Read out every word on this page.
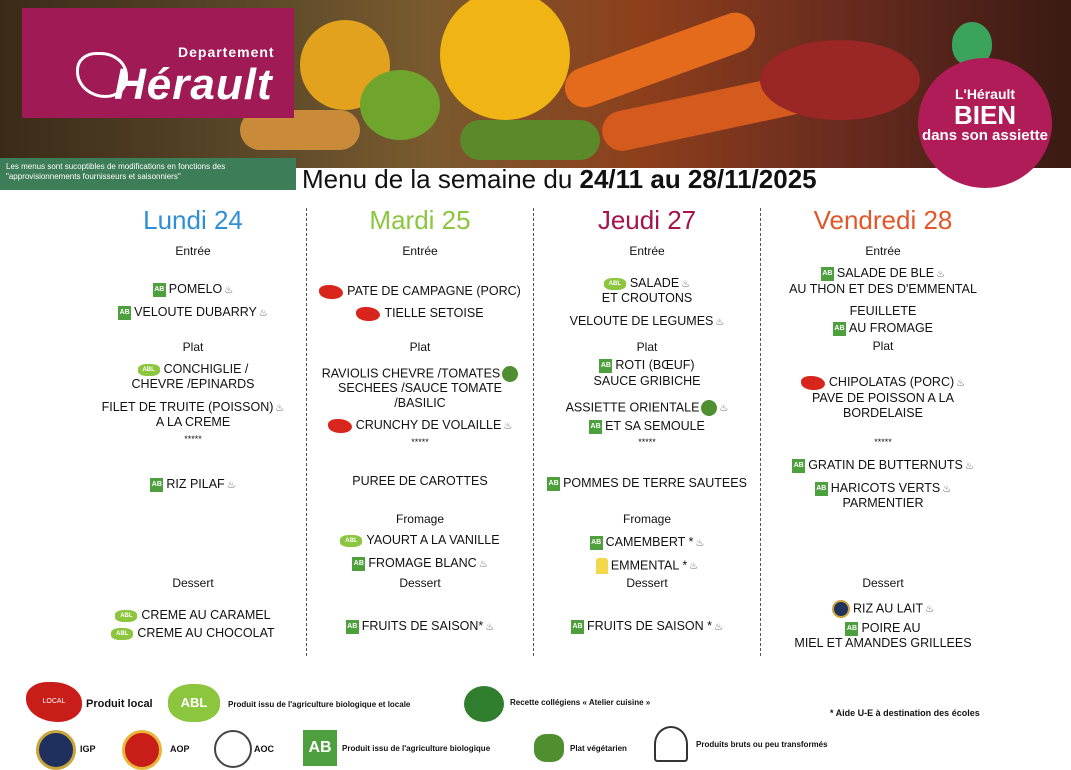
Departement
Hérault
Les menus sont sucoptibles de modifications en fonctions des "approvisionnements fournisseurs et saisonniers"
L'Hérault
BIEN
dans son assiette
Menu de la semaine du 24/11 au 28/11/2025
Lundi 24
Entrée
AB POMELO ♨
AB VELOUTE DUBARRY ♨
Plat
ABL CONCHIGLIE /
CHEVRE /EPINARDS
FILET DE TRUITE (POISSON) ♨
A LA CREME
*****
AB RIZ PILAF ♨
Dessert
ABL CREME AU CARAMEL
ABL CREME AU CHOCOLAT
Mardi 25
Entrée
PATE DE CAMPAGNE (PORC)
TIELLE SETOISE
Plat
RAVIOLIS CHEVRE /TOMATES
SECHEES /SAUCE TOMATE
/BASILIC
CRUNCHY DE VOLAILLE ♨
*****
PUREE DE CAROTTES
Fromage
ABL YAOURT A LA VANILLE
AB FROMAGE BLANC ♨
Dessert
AB FRUITS DE SAISON* ♨
Jeudi 27
Entrée
ABL SALADE ♨
ET CROUTONS
VELOUTE DE LEGUMES ♨
Plat
AB ROTI (BŒUF)
SAUCE GRIBICHE
ASSIETTE ORIENTALE ♨
AB ET SA SEMOULE
*****
AB POMMES DE TERRE SAUTEES
Fromage
AB CAMEMBERT * ♨
EMMENTAL * ♨
Dessert
AB FRUITS DE SAISON * ♨
Vendredi 28
Entrée
AB SALADE DE BLE ♨
AU THON ET DES D'EMMENTAL
FEUILLETE
AB AU FROMAGE
Plat
CHIPOLATAS (PORC) ♨
PAVE DE POISSON A LA
BORDELAISE
*****
AB GRATIN DE BUTTERNUTS ♨
AB HARICOTS VERTS ♨
PARMENTIER
Dessert
RIZ AU LAIT ♨
AB POIRE AU
MIEL ET AMANDES GRILLEES
LOCAL	Produit local	ABL	Produit issu de l'agriculture biologique et locale	Recette collégiens « Atelier cuisine »
* Aide U-E à destination des écoles
IGP	AOP	AOC	AB	Produit issu de l'agriculture biologique	Plat végétarien	Produits bruts ou peu transformés
